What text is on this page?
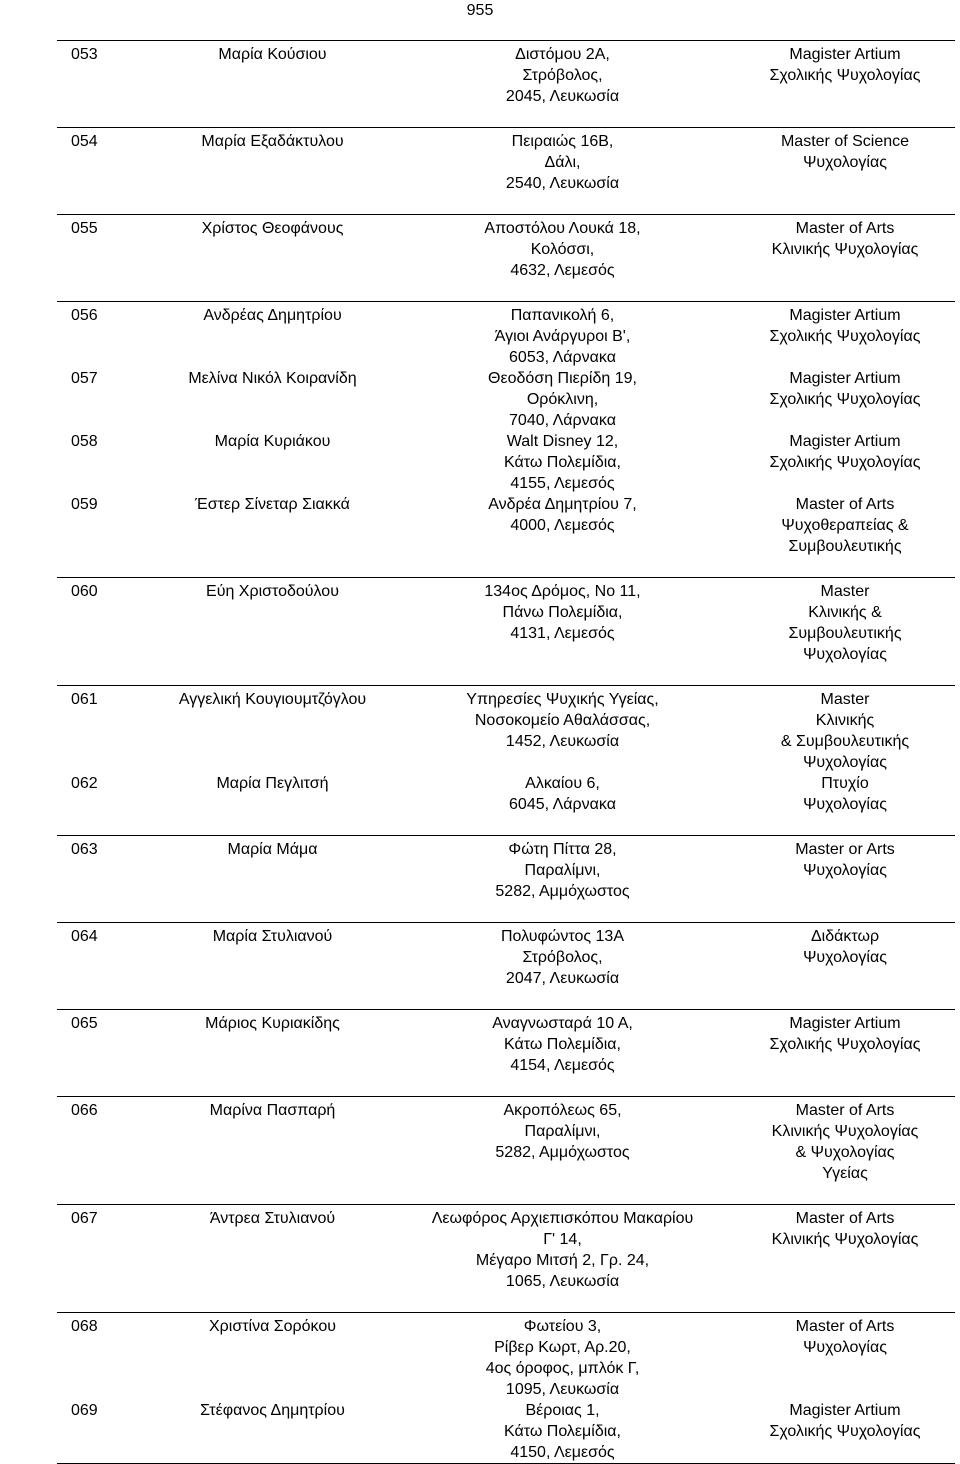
955
053	Μαρία Κούσιου	Διστόμου 2Α,
Στρόβολος,
2045, Λευκωσία	Magister Artium
Σχολικής Ψυχολογίας

054	Μαρία Εξαδάκτυλου	Πειραιώς 16Β,
Δάλι,
2540, Λευκωσία	Master of Science
Ψυχολογίας

055	Χρίστος Θεοφάνους	Αποστόλου Λουκά 18,
Κολόσσι,
4632, Λεμεσός	Master of Arts
Κλινικής Ψυχολογίας

056	Ανδρέας Δημητρίου	Παπανικολή 6,
Άγιοι Ανάργυροι Β',
6053, Λάρνακα	Magister Artium
Σχολικής Ψυχολογίας

057	Μελίνα Νικόλ Κοιρανίδη	Θεοδόση Πιερίδη 19,
Ορόκλινη,
7040, Λάρνακα	Magister Artium
Σχολικής Ψυχολογίας

058	Μαρία Κυριάκου	Walt Disney 12,
Κάτω Πολεμίδια,
4155, Λεμεσός	Magister Artium
Σχολικής Ψυχολογίας

059	Έστερ Σίνεταρ Σιακκά	Ανδρέα Δημητρίου 7,
4000, Λεμεσός	Master of Arts
Ψυχοθεραπείας &
Συμβουλευτικής

060	Εύη Χριστοδούλου	134ος Δρόμος, Νο 11,
Πάνω Πολεμίδια,
4131, Λεμεσός	Master
Κλινικής &
Συμβουλευτικής
Ψυχολογίας

061	Αγγελική Κουγιουμτζόγλου	Υπηρεσίες Ψυχικής Υγείας,
Νοσοκομείο Αθαλάσσας,
1452, Λευκωσία	Master
Κλινικής
& Συμβουλευτικής
Ψυχολογίας

062	Μαρία Πεγλιτσή	Αλκαίου 6,
6045, Λάρνακα	Πτυχίο
Ψυχολογίας

063	Μαρία Μάμα	Φώτη Πίττα 28,
Παραλίμνι,
5282, Αμμόχωστος	Master or Arts
Ψυχολογίας

064	Μαρία Στυλιανού	Πολυφώντος 13Α
Στρόβολος,
2047, Λευκωσία	Διδάκτωρ
Ψυχολογίας

065	Μάριος Κυριακίδης	Αναγνωσταρά 10 Α,
Κάτω Πολεμίδια,
4154, Λεμεσός	Magister Artium
Σχολικής Ψυχολογίας

066	Μαρίνα Πασπαρή	Ακροπόλεως 65,
Παραλίμνι,
5282, Αμμόχωστος	Master of Arts
Κλινικής Ψυχολογίας
& Ψυχολογίας
Υγείας

067	Άντρεα Στυλιανού	Λεωφόρος Αρχιεπισκόπου Μακαρίου
Γ' 14,
Μέγαρο Μιτσή 2, Γρ. 24,
1065, Λευκωσία	Master of Arts
Κλινικής Ψυχολογίας

068	Χριστίνα Σορόκου	Φωτείου 3,
Ρίβερ Κωρτ, Αρ.20,
4ος όροφος, μπλόκ Γ,
1095, Λευκωσία	Master of Arts
Ψυχολογίας

069	Στέφανος Δημητρίου	Βέροιας 1,
Κάτω Πολεμίδια,
4150, Λεμεσός	Magister Artium
Σχολικής Ψυχολογίας
